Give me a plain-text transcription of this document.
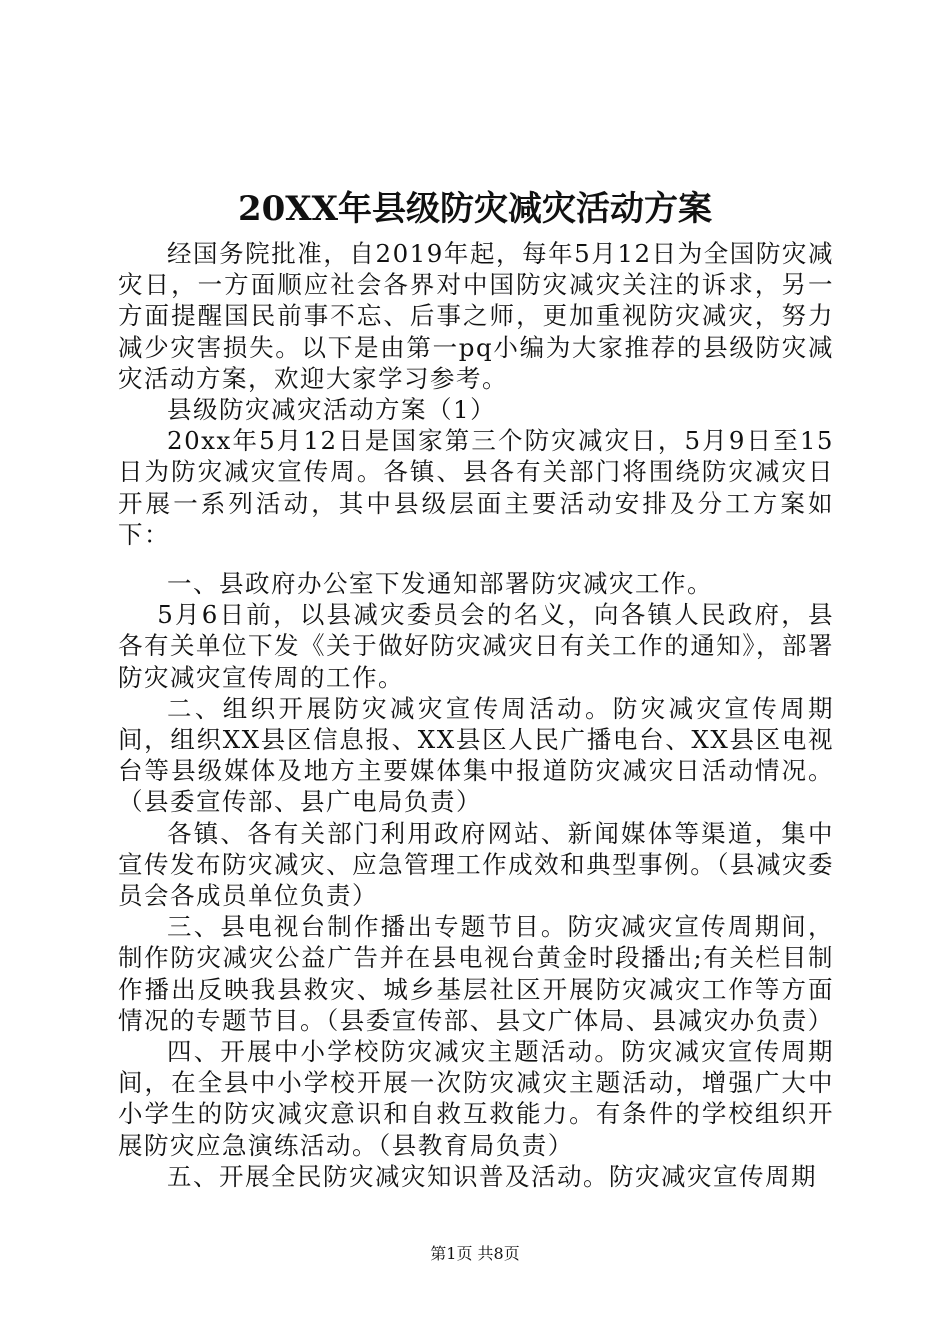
20XX年县级防灾减灾活动方案

经国务院批准，自2019年起，每年5月12日为全国防灾减灾日，一方面顺应社会各界对中国防灾减灾关注的诉求，另一方面提醒国民前事不忘、后事之师，更加重视防灾减灾，努力减少灾害损失。以下是由第一pq小编为大家推荐的县级防灾减灾活动方案，欢迎大家学习参考。

县级防灾减灾活动方案（1）

20xx年5月12日是国家第三个防灾减灾日，5月9日至15日为防灾减灾宣传周。各镇、县各有关部门将围绕防灾减灾日开展一系列活动，其中县级层面主要活动安排及分工方案如下：

一、县政府办公室下发通知部署防灾减灾工作。

5月6日前，以县减灾委员会的名义，向各镇人民政府，县各有关单位下发《关于做好防灾减灾日有关工作的通知》，部署防灾减灾宣传周的工作。

二、组织开展防灾减灾宣传周活动。防灾减灾宣传周期间，组织XX县区信息报、XX县区人民广播电台、XX县区电视台等县级媒体及地方主要媒体集中报道防灾减灾日活动情况。（县委宣传部、县广电局负责）

各镇、各有关部门利用政府网站、新闻媒体等渠道，集中宣传发布防灾减灾、应急管理工作成效和典型事例。（县减灾委员会各成员单位负责）

三、县电视台制作播出专题节目。防灾减灾宣传周期间，制作防灾减灾公益广告并在县电视台黄金时段播出;有关栏目制作播出反映我县救灾、城乡基层社区开展防灾减灾工作等方面情况的专题节目。（县委宣传部、县文广体局、县减灾办负责）

四、开展中小学校防灾减灾主题活动。防灾减灾宣传周期间，在全县中小学校开展一次防灾减灾主题活动，增强广大中小学生的防灾减灾意识和自救互救能力。有条件的学校组织开展防灾应急演练活动。（县教育局负责）

五、开展全民防灾减灾知识普及活动。防灾减灾宣传周期

第1页 共8页
